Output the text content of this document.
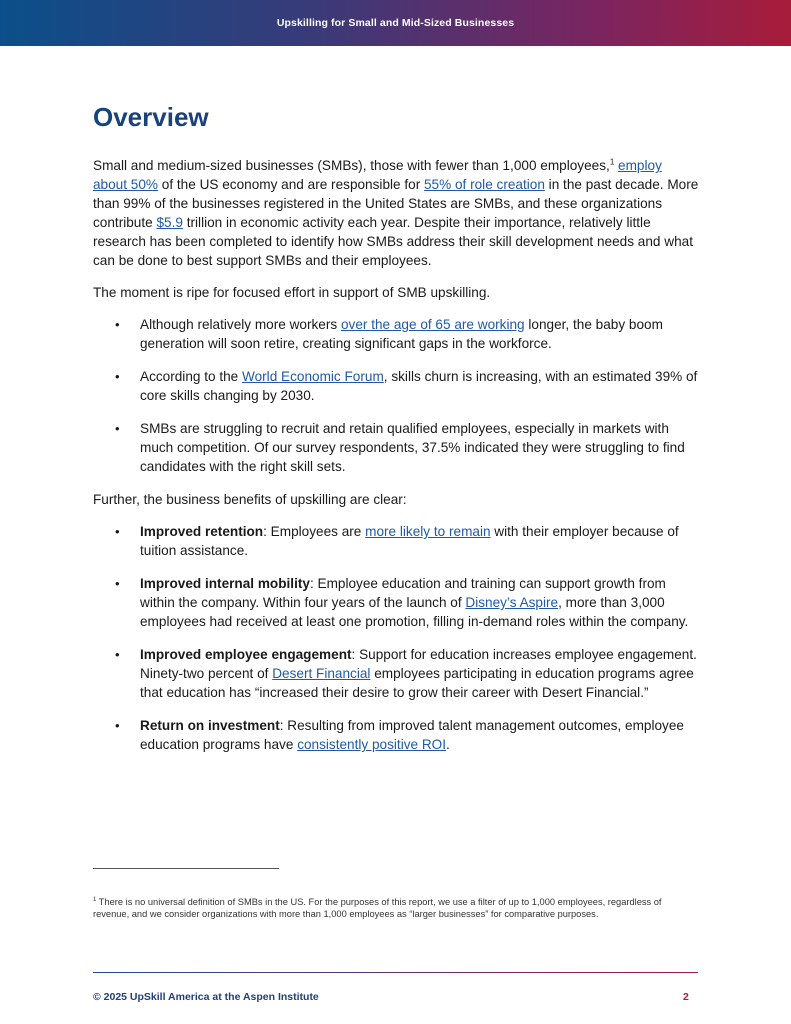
Upskilling for Small and Mid-Sized Businesses
Overview

Small and medium-sized businesses (SMBs), those with fewer than 1,000 employees,$^1$ employ about 50% of the US economy and are responsible for 55% of role creation in the past decade. More than 99% of the businesses registered in the United States are SMBs, and these organizations contribute $5.9 trillion in economic activity each year. Despite their importance, relatively little research has been completed to identify how SMBs address their skill development needs and what can be done to best support SMBs and their employees.

The moment is ripe for focused effort in support of SMB upskilling.

• Although relatively more workers over the age of 65 are working longer, the baby boom generation will soon retire, creating significant gaps in the workforce.
• According to the World Economic Forum, skills churn is increasing, with an estimated 39% of core skills changing by 2030.
• SMBs are struggling to recruit and retain qualified employees, especially in markets with much competition. Of our survey respondents, 37.5% indicated they were struggling to find candidates with the right skill sets.

Further, the business benefits of upskilling are clear:

• Improved retention: Employees are more likely to remain with their employer because of tuition assistance.
• Improved internal mobility: Employee education and training can support growth from within the company. Within four years of the launch of Disney’s Aspire, more than 3,000 employees had received at least one promotion, filling in-demand roles within the company.
• Improved employee engagement: Support for education increases employee engagement. Ninety-two percent of Desert Financial employees participating in education programs agree that education has “increased their desire to grow their career with Desert Financial.”
• Return on investment: Resulting from improved talent management outcomes, employee education programs have consistently positive ROI.
$^1$ There is no universal definition of SMBs in the US. For the purposes of this report, we use a filter of up to 1,000 employees, regardless of revenue, and we consider organizations with more than 1,000 employees as “larger businesses” for comparative purposes.
© 2025 UpSkill America at the Aspen Institute	2
